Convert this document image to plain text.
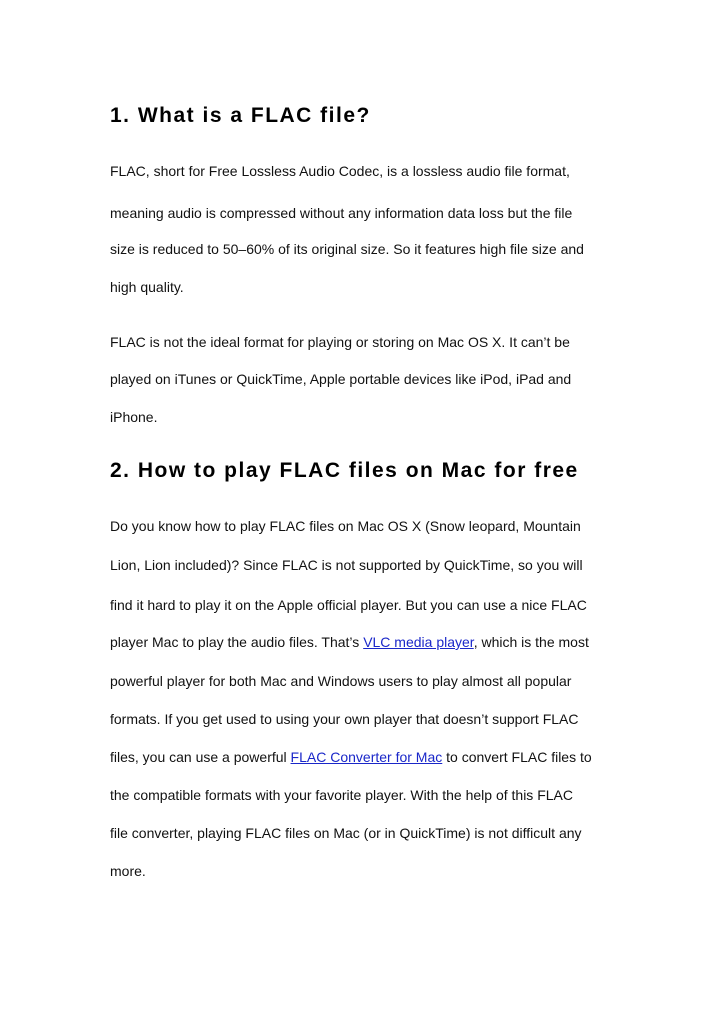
1. What is a FLAC file?

FLAC, short for Free Lossless Audio Codec, is a lossless audio file format,

meaning audio is compressed without any information data loss but the file

size is reduced to 50–60% of its original size. So it features high file size and

high quality.

FLAC is not the ideal format for playing or storing on Mac OS X. It can’t be

played on iTunes or QuickTime, Apple portable devices like iPod, iPad and

iPhone.

2. How to play FLAC files on Mac for free

Do you know how to play FLAC files on Mac OS X (Snow leopard, Mountain

Lion, Lion included)? Since FLAC is not supported by QuickTime, so you will

find it hard to play it on the Apple official player. But you can use a nice FLAC

player Mac to play the audio files. That’s VLC media player, which is the most

powerful player for both Mac and Windows users to play almost all popular

formats. If you get used to using your own player that doesn’t support FLAC

files, you can use a powerful FLAC Converter for Mac to convert FLAC files to

the compatible formats with your favorite player. With the help of this FLAC

file converter, playing FLAC files on Mac (or in QuickTime) is not difficult any

more.
